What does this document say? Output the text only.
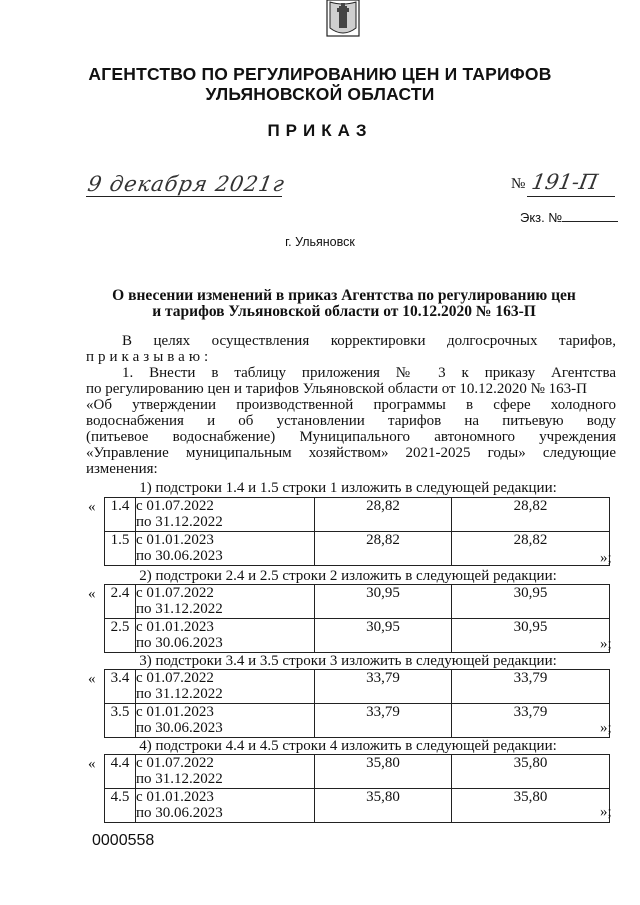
АГЕНТСТВО ПО РЕГУЛИРОВАНИЮ ЦЕН И ТАРИФОВ
УЛЬЯНОВСКОЙ ОБЛАСТИ
ПРИКАЗ
9 декабря 2021г	№ 191-П
Экз. №
г. Ульяновск
О внесении изменений в приказ Агентства по регулированию цен
и тарифов Ульяновской области от 10.12.2020 № 163-П
В целях осуществления корректировки долгосрочных тарифов,
приказываю:
1. Внести в таблицу приложения № 3 к приказу Агентства
по регулированию цен и тарифов Ульяновской области от 10.12.2020 № 163-П
«Об утверждении производственной программы в сфере холодного
водоснабжения и об установлении тарифов на питьевую воду
(питьевое водоснабжение) Муниципального автономного учреждения
«Управление муниципальным хозяйством» 2021-2025 годы» следующие
изменения:
1) подстроки 1.4 и 1.5 строки 1 изложить в следующей редакции:
« 1.4	с 01.07.2022
по 31.12.2022	28,82	28,82
1.5	с 01.01.2023
по 30.06.2023	28,82	28,82
»;
2) подстроки 2.4 и 2.5 строки 2 изложить в следующей редакции:
« 2.4	с 01.07.2022
по 31.12.2022	30,95	30,95
2.5	с 01.01.2023
по 30.06.2023	30,95	30,95
»;
3) подстроки 3.4 и 3.5 строки 3 изложить в следующей редакции:
« 3.4	с 01.07.2022
по 31.12.2022	33,79	33,79
3.5	с 01.01.2023
по 30.06.2023	33,79	33,79
»;
4) подстроки 4.4 и 4.5 строки 4 изложить в следующей редакции:
« 4.4	с 01.07.2022
по 31.12.2022	35,80	35,80
4.5	с 01.01.2023
по 30.06.2023	35,80	35,80
»;
0000558
